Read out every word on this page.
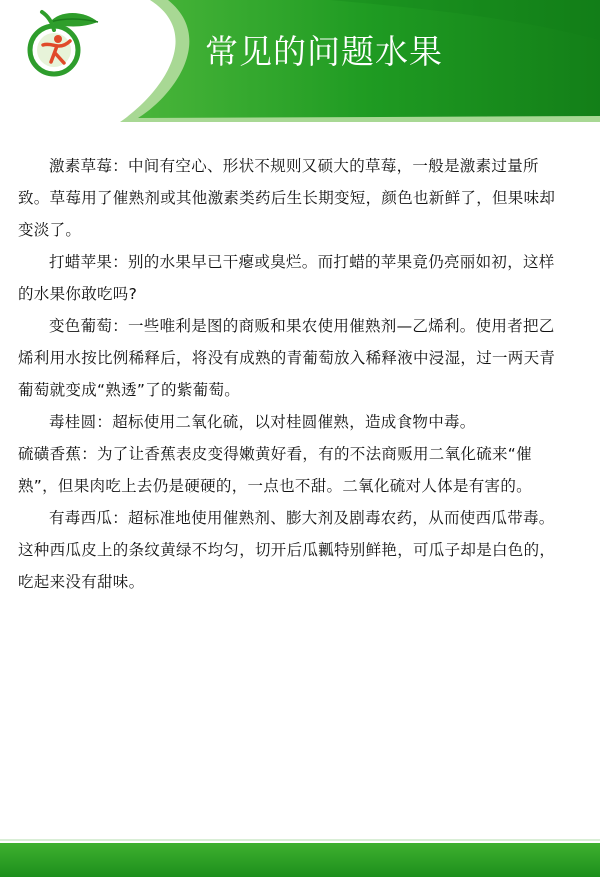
常见的问题水果

激素草莓：中间有空心、形状不规则又硕大的草莓，一般是激素过量所致。草莓用了催熟剂或其他激素类药后生长期变短，颜色也新鲜了，但果味却变淡了。

打蜡苹果：别的水果早已干瘪或臭烂。而打蜡的苹果竟仍亮丽如初，这样的水果你敢吃吗?

变色葡萄：一些唯利是图的商贩和果农使用催熟剂—乙烯利。使用者把乙烯利用水按比例稀释后，将没有成熟的青葡萄放入稀释液中浸湿，过一两天青葡萄就变成“熟透”了的紫葡萄。

毒桂圆：超标使用二氧化硫，以对桂圆催熟，造成食物中毒。

硫磺香蕉：为了让香蕉表皮变得嫩黄好看，有的不法商贩用二氧化硫来“催熟”，但果肉吃上去仍是硬硬的，一点也不甜。二氧化硫对人体是有害的。

有毒西瓜：超标准地使用催熟剂、膨大剂及剧毒农药，从而使西瓜带毒。这种西瓜皮上的条纹黄绿不均匀，切开后瓜瓤特别鲜艳，可瓜子却是白色的，吃起来没有甜味。
